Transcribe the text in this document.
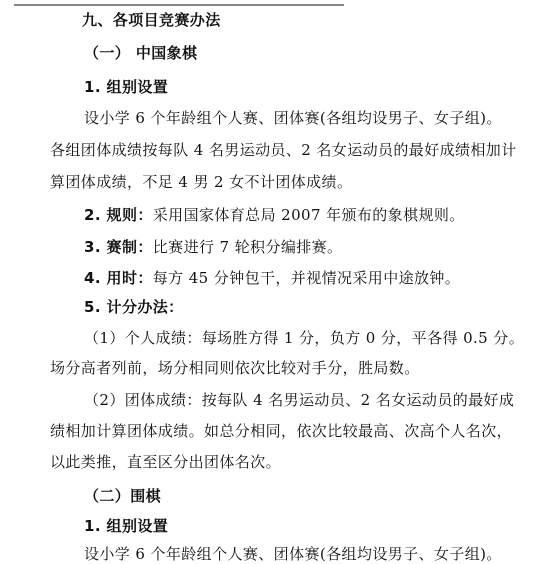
九、各项目竞赛办法
（一） 中国象棋
1. 组别设置
设小学 6 个年龄组个人赛、团体赛(各组均设男子、女子组)。
各组团体成绩按每队 4 名男运动员、2 名女运动员的最好成绩相加计
算团体成绩，不足 4 男 2 女不计团体成绩。
2. 规则：采用国家体育总局 2007 年颁布的象棋规则。
3. 赛制：比赛进行 7 轮积分编排赛。
4. 用时：每方 45 分钟包干，并视情况采用中途放钟。
5. 计分办法：
（1）个人成绩：每场胜方得 1 分，负方 0 分，平各得 0.5 分。
场分高者列前，场分相同则依次比较对手分，胜局数。
（2）团体成绩：按每队 4 名男运动员、2 名女运动员的最好成
绩相加计算团体成绩。如总分相同，依次比较最高、次高个人名次，
以此类推，直至区分出团体名次。
（二）围棋
1. 组别设置
设小学 6 个年龄组个人赛、团体赛(各组均设男子、女子组)。
